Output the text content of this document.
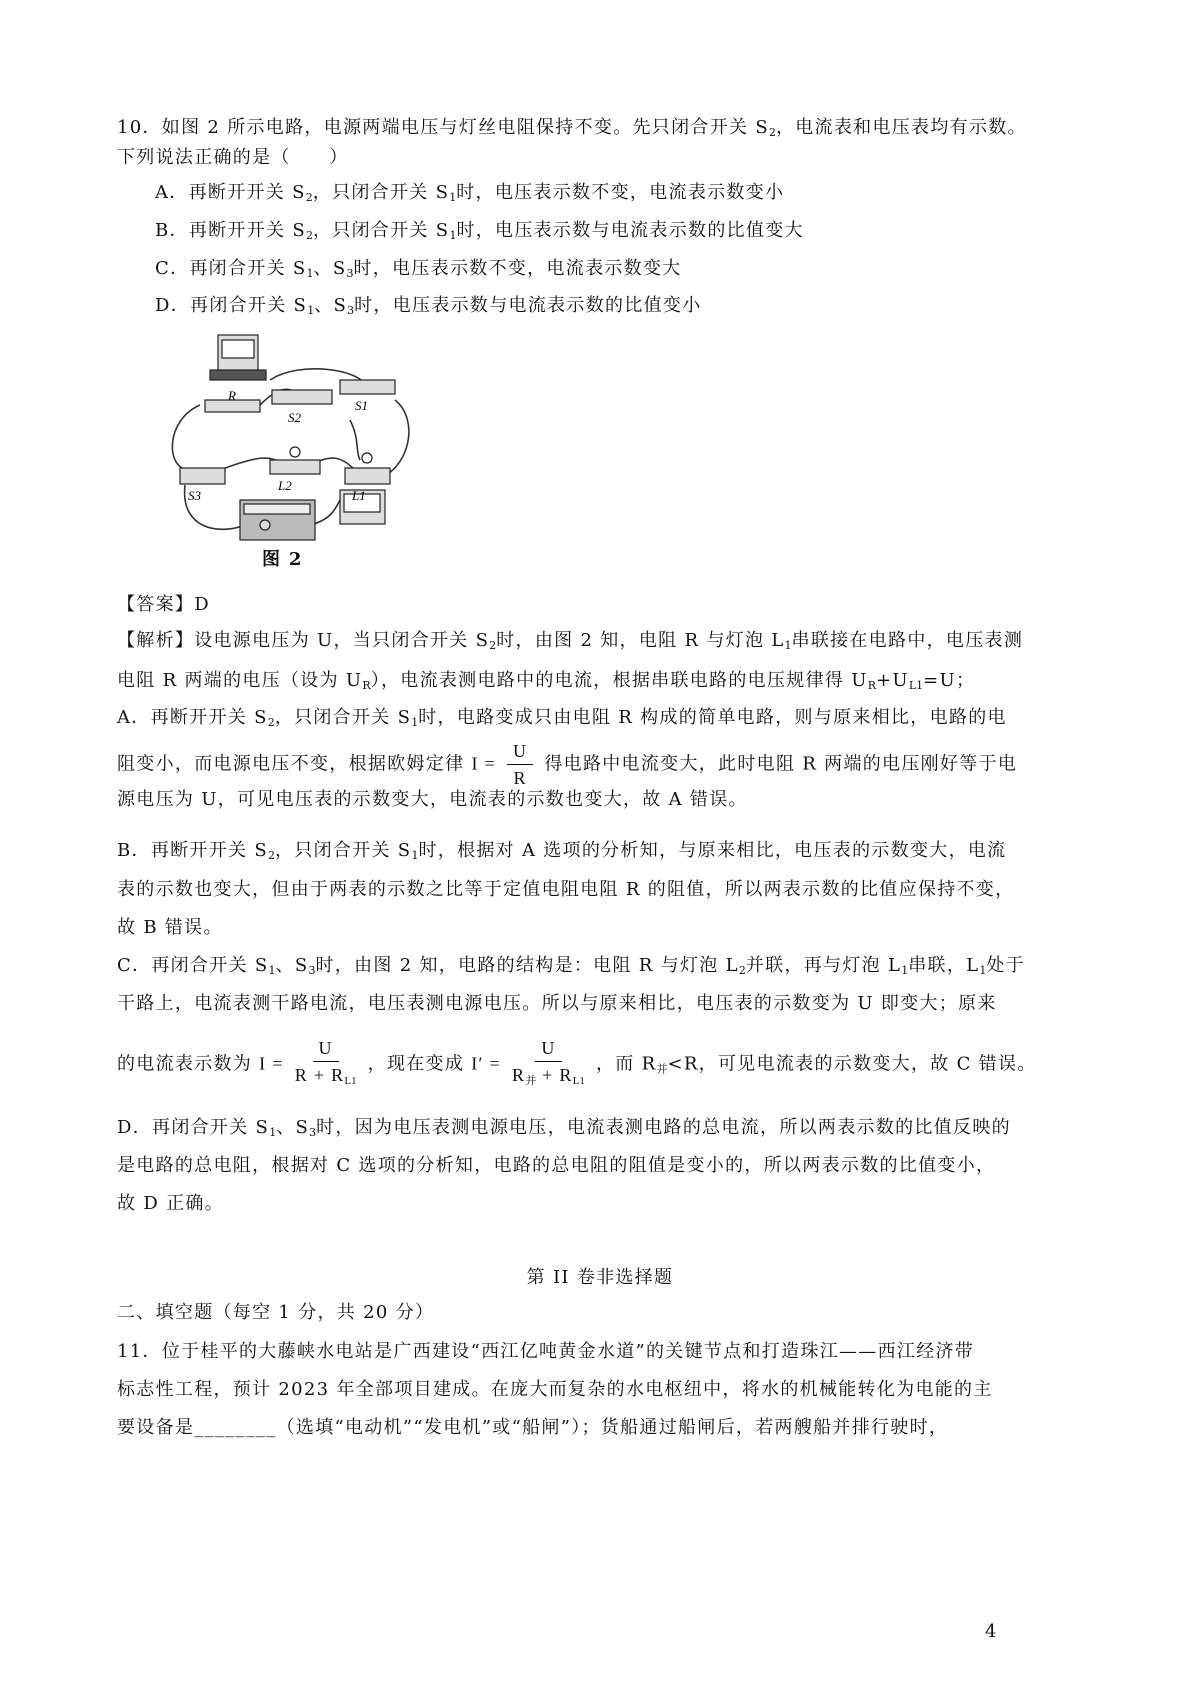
10．如图 2 所示电路，电源两端电压与灯丝电阻保持不变。先只闭合开关 $S_2$，电流表和电压表均有示数。
下列说法正确的是（　　）
A．再断开开关 $S_2$，只闭合开关 $S_1$时，电压表示数不变，电流表示数变小
B．再断开开关 $S_2$，只闭合开关 $S_1$时，电压表示数与电流表示数的比值变大
C．再闭合开关 $S_1$、$S_3$时，电压表示数不变，电流表示数变大
D．再闭合开关 $S_1$、$S_3$时，电压表示数与电流表示数的比值变小
R
S2
S1
S3
L2
L1
图 2
【答案】D
【解析】设电源电压为 U，当只闭合开关 $S_2$时，由图 2 知，电阻 R 与灯泡 $L_1$串联接在电路中，电压表测
电阻 R 两端的电压（设为 $U_R$），电流表测电路中的电流，根据串联电路的电压规律得 $U_R+U_{L1}=U$；
A．再断开开关 $S_2$，只闭合开关 $S_1$时，电路变成只由电阻 R 构成的简单电路，则与原来相比，电路的电
阻变小，而电源电压不变，根据欧姆定律 $I = \frac{U}{R}$ 得电路中电流变大，此时电阻 R 两端的电压刚好等于电
源电压为 U，可见电压表的示数变大，电流表的示数也变大，故 A 错误。
B．再断开开关 $S_2$，只闭合开关 $S_1$时，根据对 A 选项的分析知，与原来相比，电压表的示数变大，电流
表的示数也变大，但由于两表的示数之比等于定值电阻电阻 R 的阻值，所以两表示数的比值应保持不变，
故 B 错误。
C．再闭合开关 $S_1$、$S_3$时，由图 2 知，电路的结构是：电阻 R 与灯泡 $L_2$并联，再与灯泡 $L_1$串联，$L_1$处于
干路上，电流表测干路电流，电压表测电源电压。所以与原来相比，电压表的示数变为 U 即变大；原来
的电流表示数为 $I = \frac{U}{R + R_{L1}}$ ，现在变成 $I' = \frac{U}{R_并 + R_{L1}}$ ，而 $R_并<R$，可见电流表的示数变大，故 C 错误。
D．再闭合开关 $S_1$、$S_3$时，因为电压表测电源电压，电流表测电路的总电流，所以两表示数的比值反映的
是电路的总电阻，根据对 C 选项的分析知，电路的总电阻的阻值是变小的，所以两表示数的比值变小，
故 D 正确。
第 II 卷非选择题
二、填空题（每空 1 分，共 20 分）
11．位于桂平的大藤峡水电站是广西建设“西江亿吨黄金水道”的关键节点和打造珠江——西江经济带
标志性工程，预计 2023 年全部项目建成。在庞大而复杂的水电枢纽中，将水的机械能转化为电能的主
要设备是________（选填“电动机”“发电机”或“船闸”）；货船通过船闸后，若两艘船并排行驶时，
4
